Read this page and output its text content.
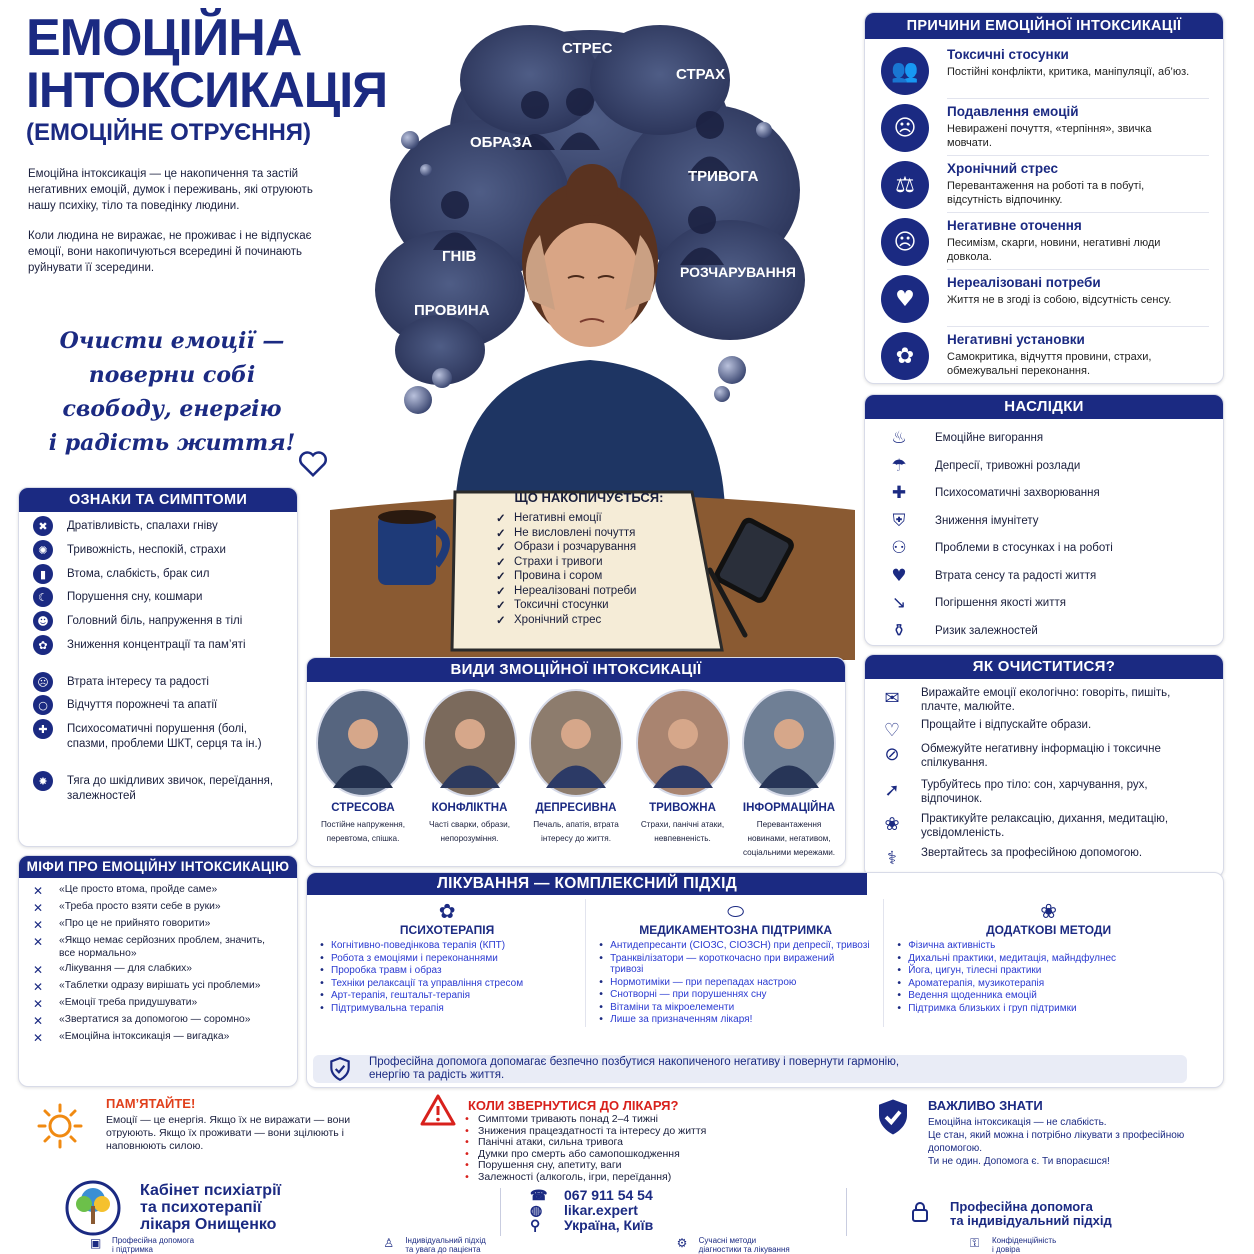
ЕМОЦІЙНА
ІНТОКСИКАЦІЯ
(ЕМОЦІЙНЕ ОТРУЄННЯ)

Емоційна інтоксикація — це накопичення та застій негативних емоцій, думок і переживань, які отруюють нашу психіку, тіло та поведінку людини.

Коли людина не виражає, не проживає і не відпускає емоції, вони накопичуються всередині й починають руйнувати її зсередини.

Очисти емоції —
поверни собі
свободу, енергію
і радість життя!
СТРЕС
СТРАХ
ОБРАЗА
ТРИВОГА
ГНІВ
РОЗЧАРУВАННЯ
ПРОВИНА
ЩО НАКОПИЧУЄТЬСЯ:
✓ Негативні емоції
✓ Не висловлені почуття
✓ Образи і розчарування
✓ Страхи і тривоги
✓ Провина і сором
✓ Нереалізовані потреби
✓ Токсичні стосунки
✓ Хронічний стрес
ПРИЧИНИ ЕМОЦІЙНОЇ ІНТОКСИКАЦІЇ
👥
Токсичні стосунки
Постійні конфлікти, критика, маніпуляції, аб’юз.
☹
Подавлення емоцій
Невиражені почуття, «терпіння», звичка мовчати.
⚖
Хронічний стрес
Перевантаження на роботі та в побуті, відсутність відпочинку.
☹
Негативне оточення
Песимізм, скарги, новини, негативні люди довкола.
♥
Нереалізовані потреби
Життя не в згоді із собою, відсутність сенсу.
✿
Негативні установки
Самокритика, відчуття провини, страхи, обмежувальні переконання.
НАСЛІДКИ
♨	Емоційне вигорання
☂	Депресії, тривожні розлади
✚	Психосоматичні захворювання
⛨	Зниження імунітету
⚇	Проблеми в стосунках і на роботі
♥	Втрата сенсу та радості життя
↘	Погіршення якості життя
⚱	Ризик залежностей
ЯК ОЧИСТИТИСЯ?
✉	Виражайте емоції екологічно: говоріть, пишіть, плачте, малюйте.
♡	Прощайте і відпускайте образи.
⊘	Обмежуйте негативну інформацію і токсичне спілкування.
➚	Турбуйтесь про тіло: сон, харчування, рух, відпочинок.
❀	Практикуйте релаксацію, дихання, медитацію, усвідомленість.
⚕	Звертайтесь за професійною допомогою.
ОЗНАКИ ТА СИМПТОМИ
✖	Дратівливість, спалахи гніву
✺	Тривожність, неспокій, страхи
▮	Втома, слабкість, брак сил
☾	Порушення сну, кошмари
☻	Головний біль, напруження в тілі
✿	Зниження концентрації та пам’яті
☹	Втрата інтересу та радості
○	Відчуття порожнечі та апатії
✚	Психосоматичні порушення (болі, спазми, проблеми ШКТ, серця та ін.)
✸	Тяга до шкідливих звичок, переїдання, залежностей
МІФИ ПРО ЕМОЦІЙНУ ІНТОКСИКАЦІЮ
✕	«Це просто втома, пройде саме»
✕	«Треба просто взяти себе в руки»
✕	«Про це не прийнято говорити»
✕	«Якщо немає серйозних проблем, значить, все нормально»
✕	«Лікування — для слабких»
✕	«Таблетки одразу вирішать усі проблеми»
✕	«Емоції треба придушувати»
✕	«Звертатися за допомогою — соромно»
✕	«Емоційна інтоксикація — вигадка»
ВИДИ ЗМОЦІЙНОЇ ІНТОКСИКАЦІЇ
СТРЕСОВА
Постійне напруження, перевтома, спішка.
КОНФЛІКТНА
Часті сварки, образи, непорозуміння.
ДЕПРЕСИВНА
Печаль, апатія, втрата інтересу до життя.
ТРИВОЖНА
Страхи, панічні атаки, невпевненість.
ІНФОРМАЦІЙНА
Перевантаження новинами, негативом, соціальними мережами.
ЛІКУВАННЯ — КОМПЛЕКСНИЙ ПІДХІД
✿
ПСИХОТЕРАПІЯ
• Когнітивно-поведінкова терапія (КПТ)
• Робота з емоціями і переконаннями
• Проробка травм і образ
• Техніки релаксації та управління стресом
• Арт-терапія, гештальт-терапія
• Підтримувальна терапія
⬭
МЕДИКАМЕНТОЗНА ПІДТРИМКА
• Антидепресанти (СІОЗС, СІОЗСН) при депресії, тривозі
• Транквілізатори — короткочасно при виражений тривозі
• Нормотиміки — при перепадах настрою
• Снотворні — при порушеннях сну
• Вітаміни та мікроелементи
• Лише за призначенням лікаря!
❀
ДОДАТКОВІ МЕТОДИ
• Фізична активність
• Дихальні практики, медитація, майндфулнес
• Йога, цигун, тілесні практики
• Ароматерапія, музикотерапія
• Ведення щоденника емоцій
• Підтримка близьких і груп підтримки
Професійна допомога допомагає безпечно позбутися накопиченого негативу і повернути гармонію, енергію та радість життя.
ПАМ’ЯТАЙТЕ!
Емоції — це енергія. Якщо їх не виражати — вони отруюють. Якщо їх проживати — вони зцілюють і наповнюють силою.
КОЛИ ЗВЕРНУТИСЯ ДО ЛІКАРЯ?
• Симптоми тривають понад 2–4 тижні
• Знижения працездатності та інтересу до життя
• Панічні атаки, сильна тривога
• Думки про смерть або самопошкодження
• Порушення сну, апетиту, ваги
• Залежності (алкоголь, ігри, переїдання)
ВАЖЛИВО ЗНАТИ
Емоційна інтоксикація — не слабкість.
Це стан, який можна і потрібно лікувати з професійною допомогою.
Ти не один. Допомога є. Ти впораєшся!
Кабінет психіатрії
та психотерапії
лікаря Онищенко
☎	067 911 54 54
◍	likar.expert
⚲	Україна, Київ
Професійна допомога
та індивідуальний підхід
▣	Професійна допомога
і підтримка	♙	Індивідуальний підхід
та увага до пацієнта	⚙	Сучасні методи
діагностики та лікування	⚿	Конфіденційність
і довіра
